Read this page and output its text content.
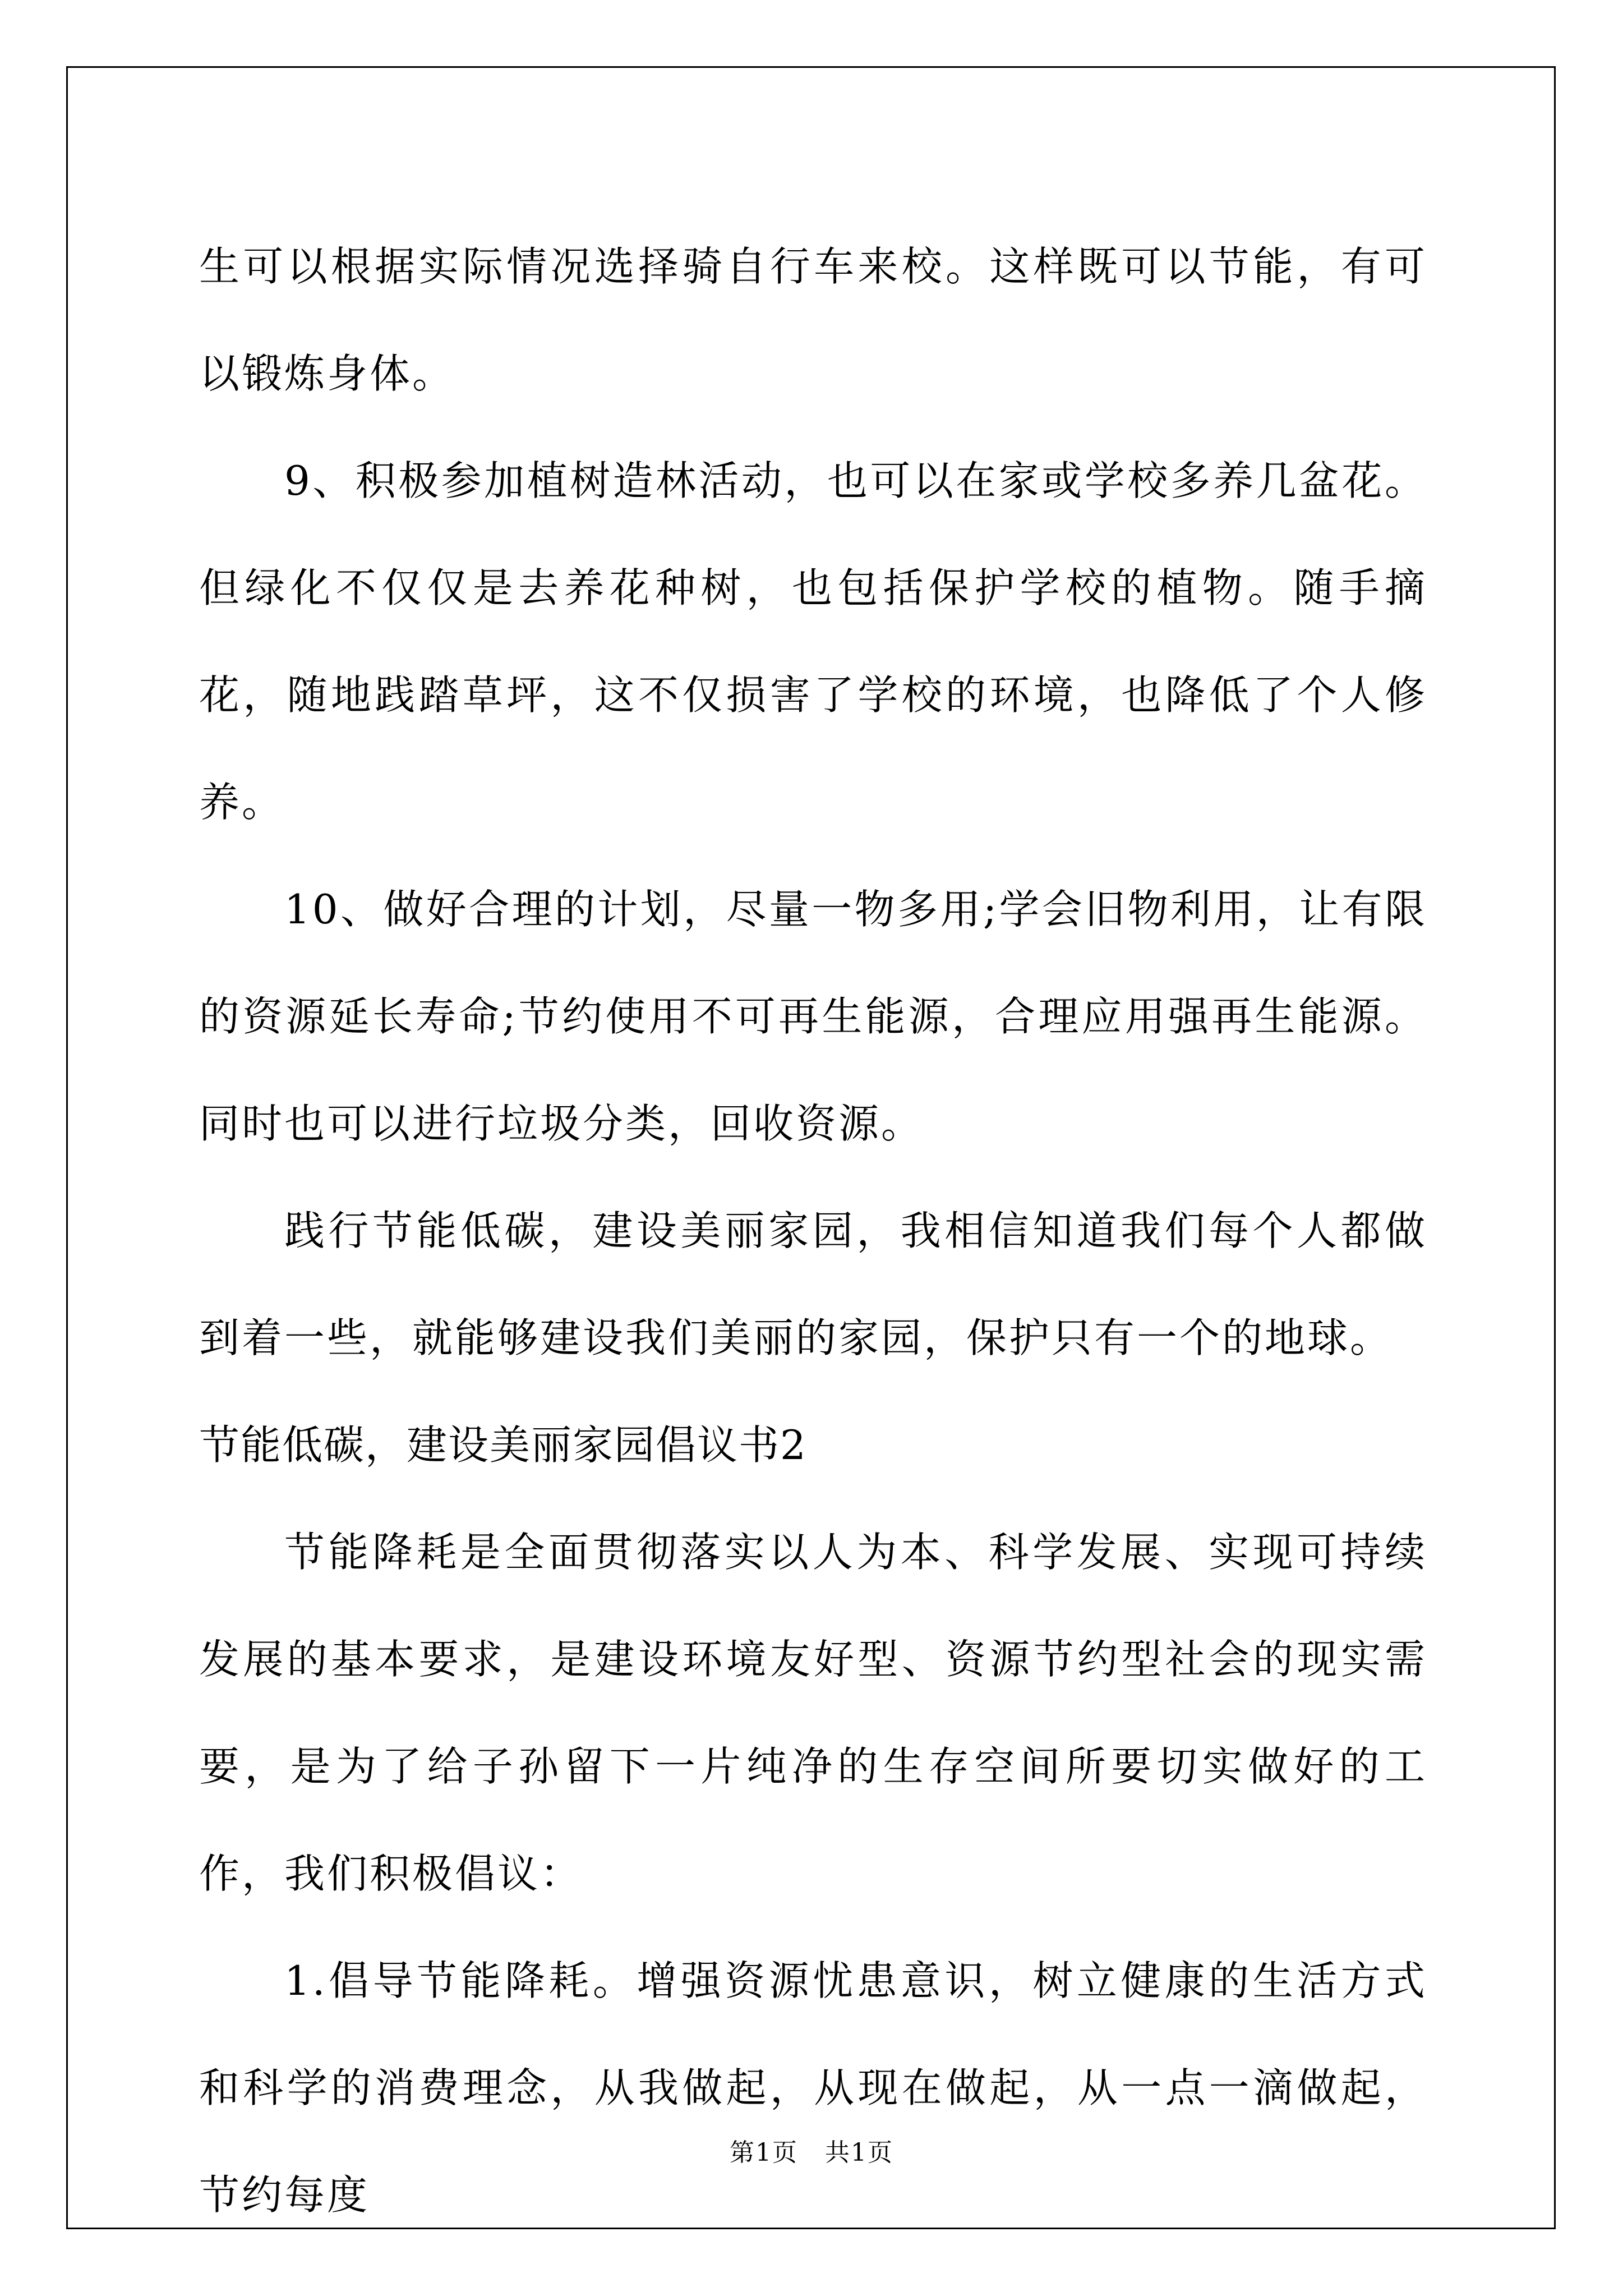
生可以根据实际情况选择骑自行车来校。这样既可以节能，有可以锻炼身体。

9、积极参加植树造林活动，也可以在家或学校多养几盆花。但绿化不仅仅是去养花种树，也包括保护学校的植物。随手摘花，随地践踏草坪，这不仅损害了学校的环境，也降低了个人修养。

10、做好合理的计划，尽量一物多用;学会旧物利用，让有限的资源延长寿命;节约使用不可再生能源，合理应用强再生能源。同时也可以进行垃圾分类，回收资源。

践行节能低碳，建设美丽家园，我相信知道我们每个人都做到着一些，就能够建设我们美丽的家园，保护只有一个的地球。

节能低碳，建设美丽家园倡议书2

节能降耗是全面贯彻落实以人为本、科学发展、实现可持续发展的基本要求，是建设环境友好型、资源节约型社会的现实需要，是为了给子孙留下一片纯净的生存空间所要切实做好的工作，我们积极倡议：

1.倡导节能降耗。增强资源忧患意识，树立健康的生活方式和科学的消费理念，从我做起，从现在做起，从一点一滴做起，节约每度

第1页   共1页
